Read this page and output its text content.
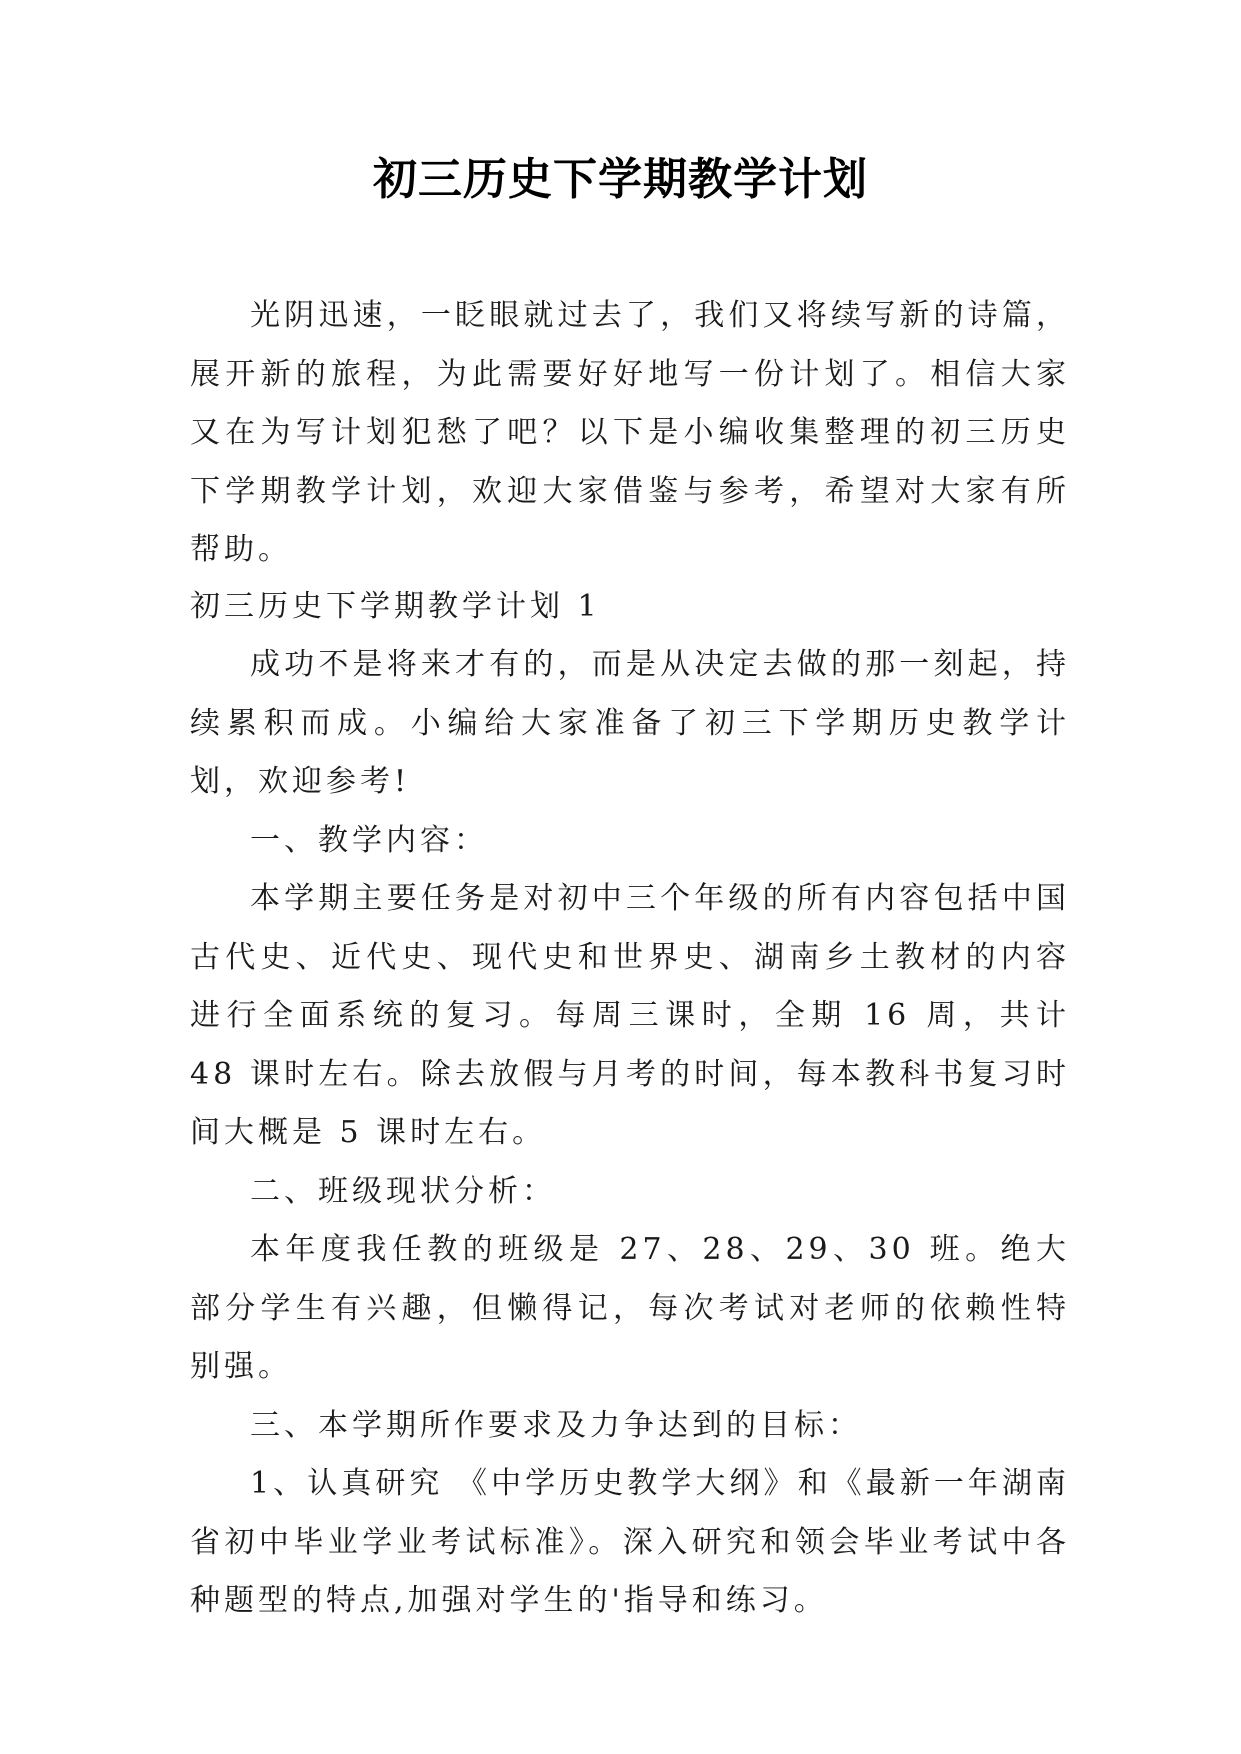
初三历史下学期教学计划

光阴迅速，一眨眼就过去了，我们又将续写新的诗篇，展开新的旅程，为此需要好好地写一份计划了。相信大家又在为写计划犯愁了吧？以下是小编收集整理的初三历史下学期教学计划，欢迎大家借鉴与参考，希望对大家有所帮助。

初三历史下学期教学计划 1

成功不是将来才有的，而是从决定去做的那一刻起，持续累积而成。小编给大家准备了初三下学期历史教学计划，欢迎参考!

一、教学内容：

本学期主要任务是对初中三个年级的所有内容包括中国古代史、近代史、现代史和世界史、湖南乡土教材的内容进行全面系统的复习。每周三课时，全期 16 周，共计 48 课时左右。除去放假与月考的时间，每本教科书复习时间大概是 5 课时左右。

二、班级现状分析：

本年度我任教的班级是 27、28、29、30 班。绝大部分学生有兴趣，但懒得记，每次考试对老师的依赖性特别强。

三、本学期所作要求及力争达到的目标：

1、认真研究 《中学历史教学大纲》和《最新一年湖南省初中毕业学业考试标准》。深入研究和领会毕业考试中各种题型的特点,加强对学生的'指导和练习。
